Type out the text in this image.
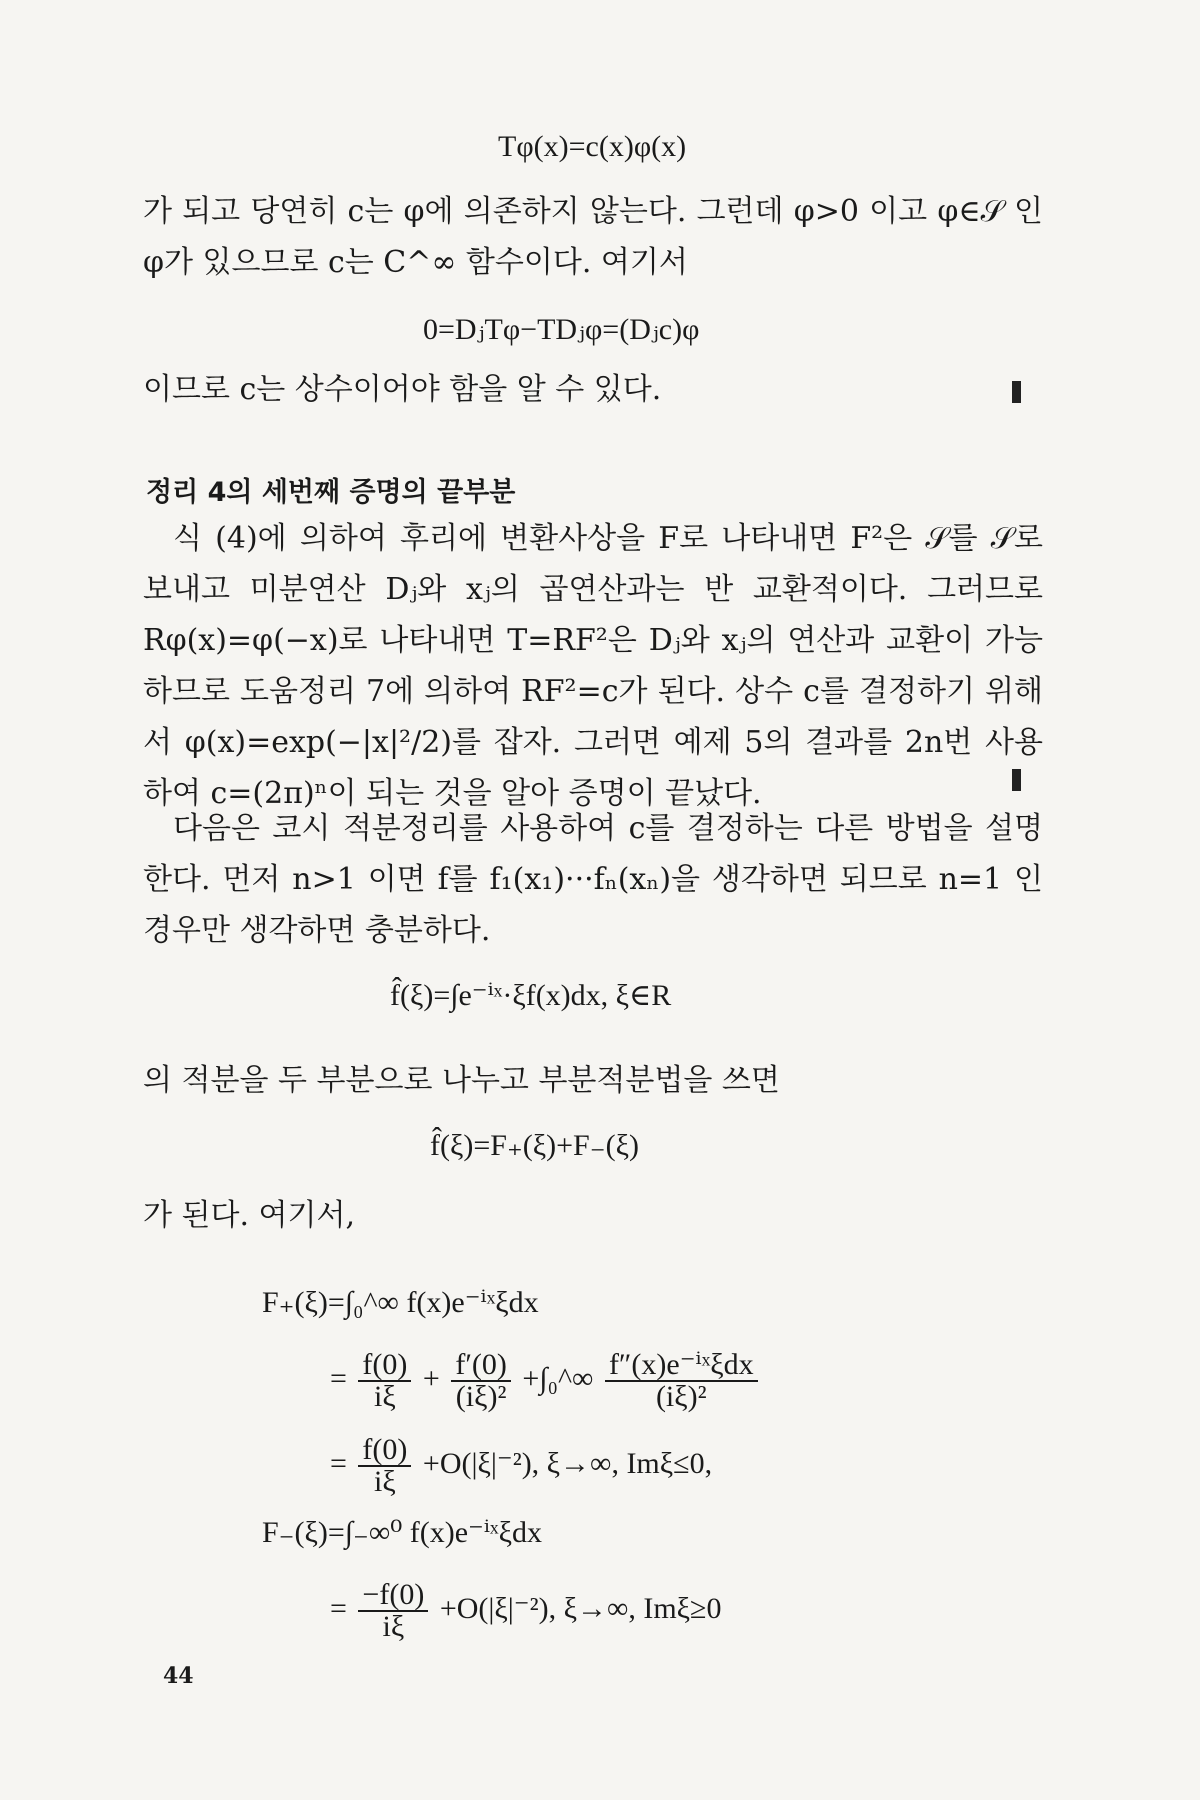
Tφ(x)=c(x)φ(x)

가 되고 당연히 c는 φ에 의존하지 않는다. 그런데 φ>0 이고 φ∈𝒮 인 φ가 있으므로 c는 C^∞ 함수이다. 여기서

0=DⱼTφ−TDⱼφ=(Dⱼc)φ

이므로 c는 상수이어야 함을 알 수 있다.

정리 4의 세번째 증명의 끝부분

식 (4)에 의하여 후리에 변환사상을 F로 나타내면 F²은 𝒮를 𝒮로 보내고 미분연산 Dⱼ와 xⱼ의 곱연산과는 반 교환적이다. 그러므로 Rφ(x)=φ(−x)로 나타내면 T=RF²은 Dⱼ와 xⱼ의 연산과 교환이 가능하므로 도움정리 7에 의하여 RF²=c가 된다. 상수 c를 결정하기 위해서 φ(x)=exp(−|x|²/2)를 잡자. 그러면 예제 5의 결과를 2n번 사용하여 c=(2π)ⁿ이 되는 것을 알아 증명이 끝났다.

다음은 코시 적분정리를 사용하여 c를 결정하는 다른 방법을 설명한다. 먼저 n>1 이면 f를 f₁(x₁)···fₙ(xₙ)을 생각하면 되므로 n=1 인 경우만 생각하면 충분하다.

f̂(ξ)=∫e⁻ⁱˣ·ξf(x)dx, ξ∈R

의 적분을 두 부분으로 나누고 부분적분법을 쓰면

f̂(ξ)=F₊(ξ)+F₋(ξ)

가 된다. 여기서,

F₊(ξ)=∫₀^∞ f(x)e⁻ⁱˣξdx
= $\frac{f(0)}{i\xi} + \frac{f'(0)}{\text{(iξ)²}}$ +∫₀^∞ $\frac{\text{f″(x)e⁻ⁱˣξdx}}{\text{(iξ)²}}$
= $\frac{f(0)}{i\xi} +O(|\xi|^{-2})$, ξ→∞, Imξ≤0,
F₋(ξ)=∫₋∞⁰ f(x)e⁻ⁱˣξdx
= $\frac{-f(0)}{i\xi} +O(|\xi|^{-2})$, ξ→∞, Imξ≥0
44
